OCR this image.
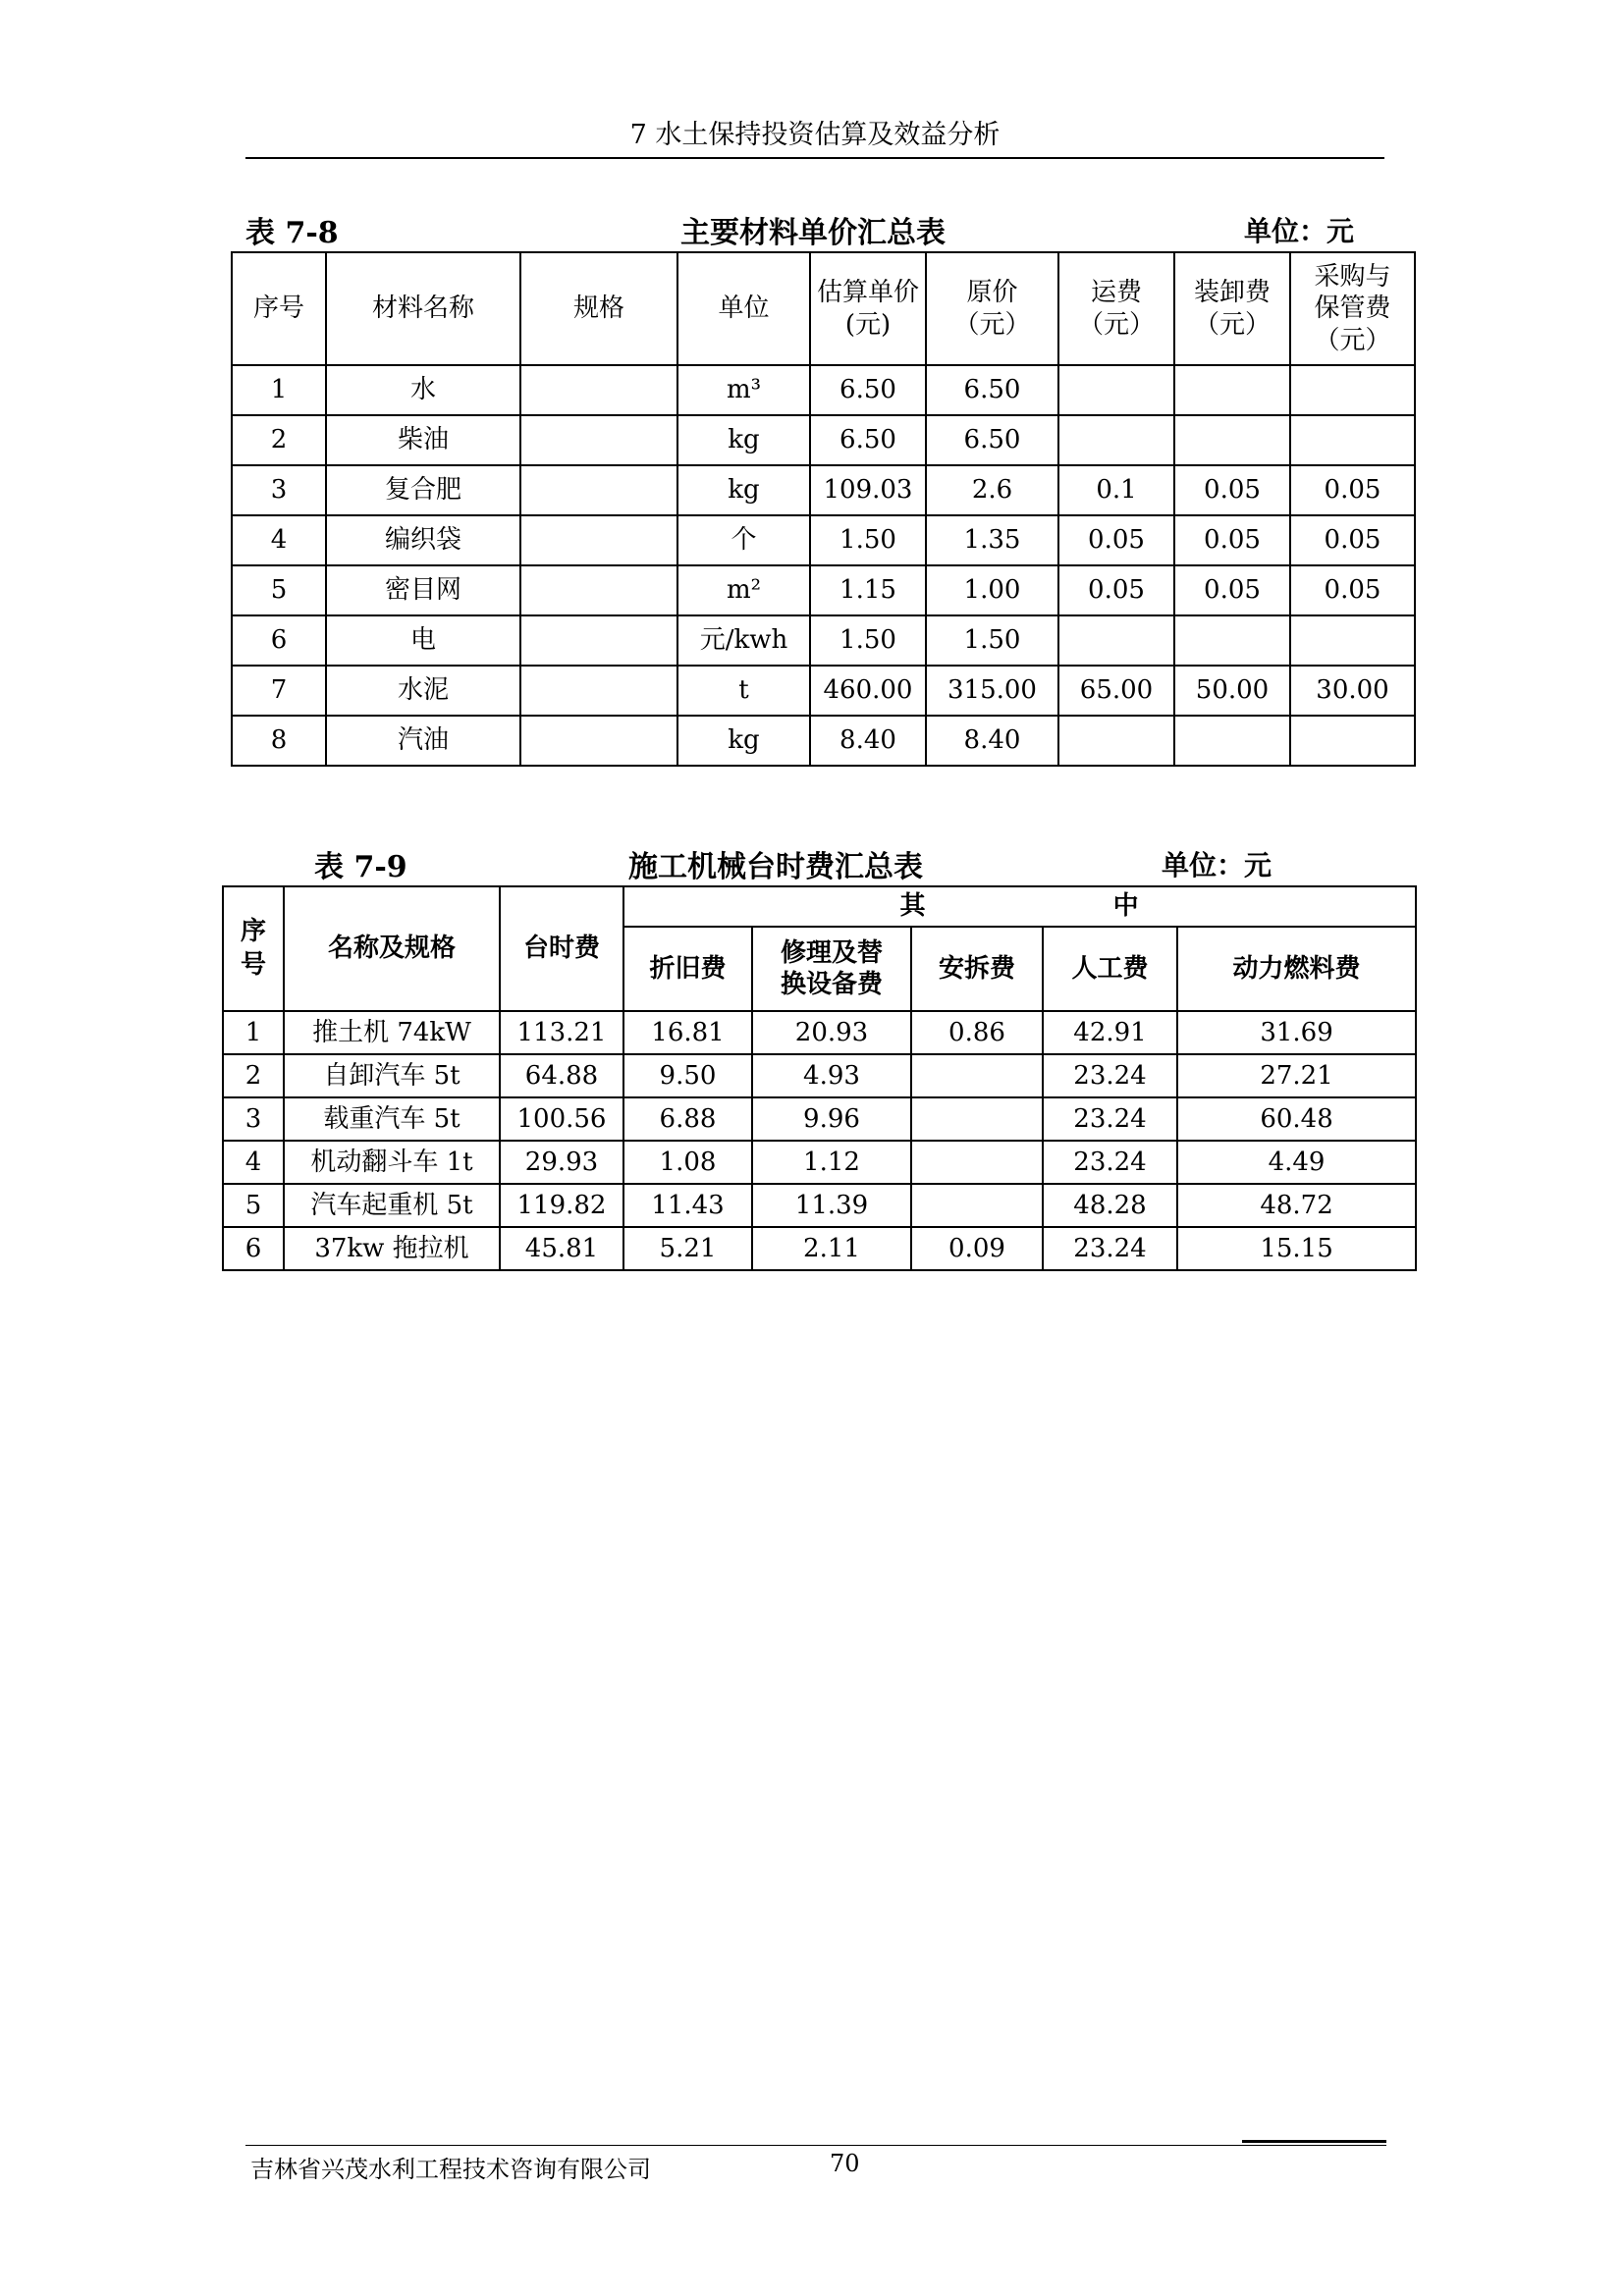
7 水土保持投资估算及效益分析
表 7-8	主要材料单价汇总表	单位：元
序号	材料名称	规格	单位	估算单价(元)	原价（元）	运费（元）	装卸费（元）	采购与保管费（元）
1	水		m³	6.50	6.50			
2	柴油		kg	6.50	6.50			
3	复合肥		kg	109.03	2.6	0.1	0.05	0.05
4	编织袋		个	1.50	1.35	0.05	0.05	0.05
5	密目网		m²	1.15	1.00	0.05	0.05	0.05
6	电		元/kwh	1.50	1.50			
7	水泥		t	460.00	315.00	65.00	50.00	30.00
8	汽油		kg	8.40	8.40			
表 7-9	施工机械台时费汇总表	单位：元
序号	名称及规格	台时费	其 中				
			折旧费	修理及替换设备费	安拆费	人工费	动力燃料费
1	推土机 74kW	113.21	16.81	20.93	0.86	42.91	31.69
2	自卸汽车 5t	64.88	9.50	4.93		23.24	27.21
3	载重汽车 5t	100.56	6.88	9.96		23.24	60.48
4	机动翻斗车 1t	29.93	1.08	1.12		23.24	4.49
5	汽车起重机 5t	119.82	11.43	11.39		48.28	48.72
6	37kw 拖拉机	45.81	5.21	2.11	0.09	23.24	15.15
吉林省兴茂水利工程技术咨询有限公司	70
